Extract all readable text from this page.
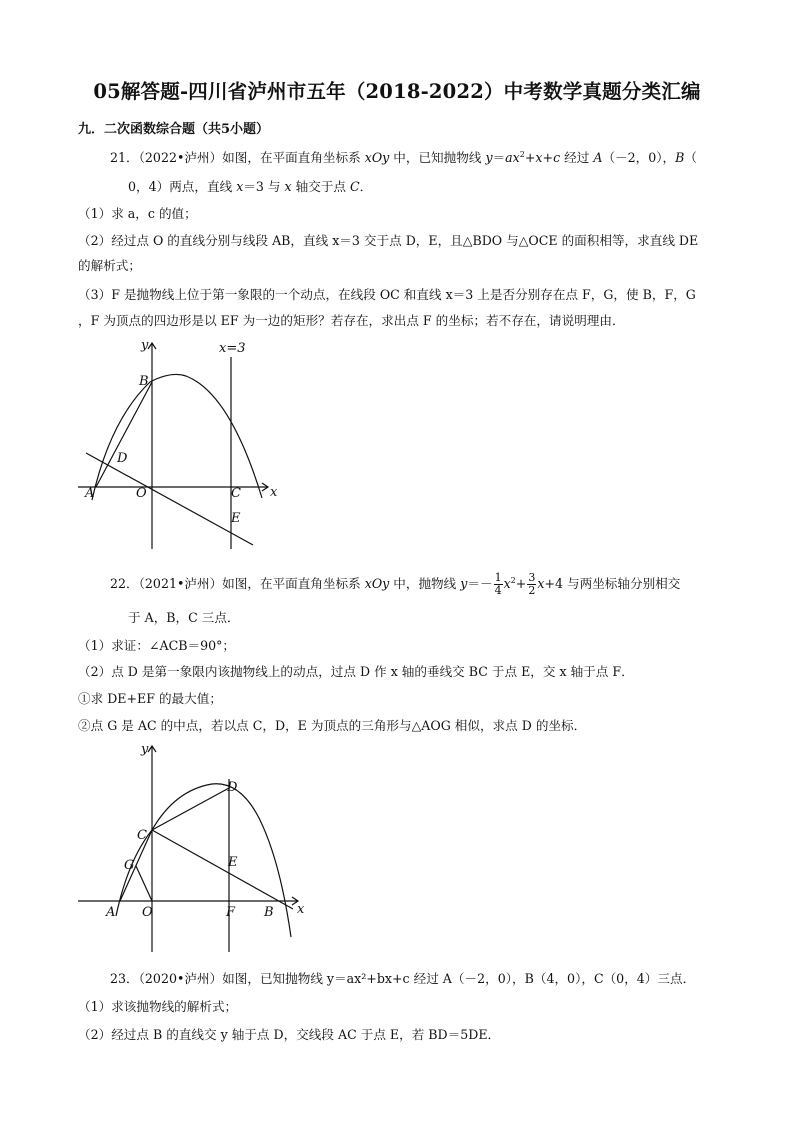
05解答题-四川省泸州市五年（2018-2022）中考数学真题分类汇编
九．二次函数综合题（共5小题）
21．（2022•泸州）如图，在平面直角坐标系 xOy 中，已知抛物线 $y=ax^2+x+c$ 经过 A（－2，0），B（
0，4）两点，直线 x＝3 与 x 轴交于点 C．
（1）求 a，c 的值；
（2）经过点 O 的直线分别与线段 AB，直线 x＝3 交于点 D，E，且△BDO 与△OCE 的面积相等，求直线 DE
的解析式；
（3）F 是抛物线上位于第一象限的一个动点，在线段 OC 和直线 x＝3 上是否分别存在点 F，G，使 B，F，G
，F 为顶点的四边形是以 EF 为一边的矩形？若存在，求出点 F 的坐标；若不存在，请说明理由．
y
x
x=3
B
D
A	O	C
E
22．（2021•泸州）如图，在平面直角坐标系 xOy 中，抛物线 $y=- \frac{1}{4} x^2+ \frac{3}{2} x+4$ 与两坐标轴分别相交
于 A，B，C 三点．
（1）求证：∠ACB＝90°；
（2）点 D 是第一象限内该抛物线上的动点，过点 D 作 x 轴的垂线交 BC 于点 E，交 x 轴于点 F．
①求 DE+EF 的最大值；
②点 G 是 AC 的中点，若以点 C，D，E 为顶点的三角形与△AOG 相似，求点 D 的坐标．
y
x
D
C
G	E
A O	F B
23．（2020•泸州）如图，已知抛物线 y＝ax²+bx+c 经过 A（－2，0），B（4，0），C（0，4）三点．
（1）求该抛物线的解析式；
（2）经过点 B 的直线交 y 轴于点 D，交线段 AC 于点 E，若 BD＝5DE．
